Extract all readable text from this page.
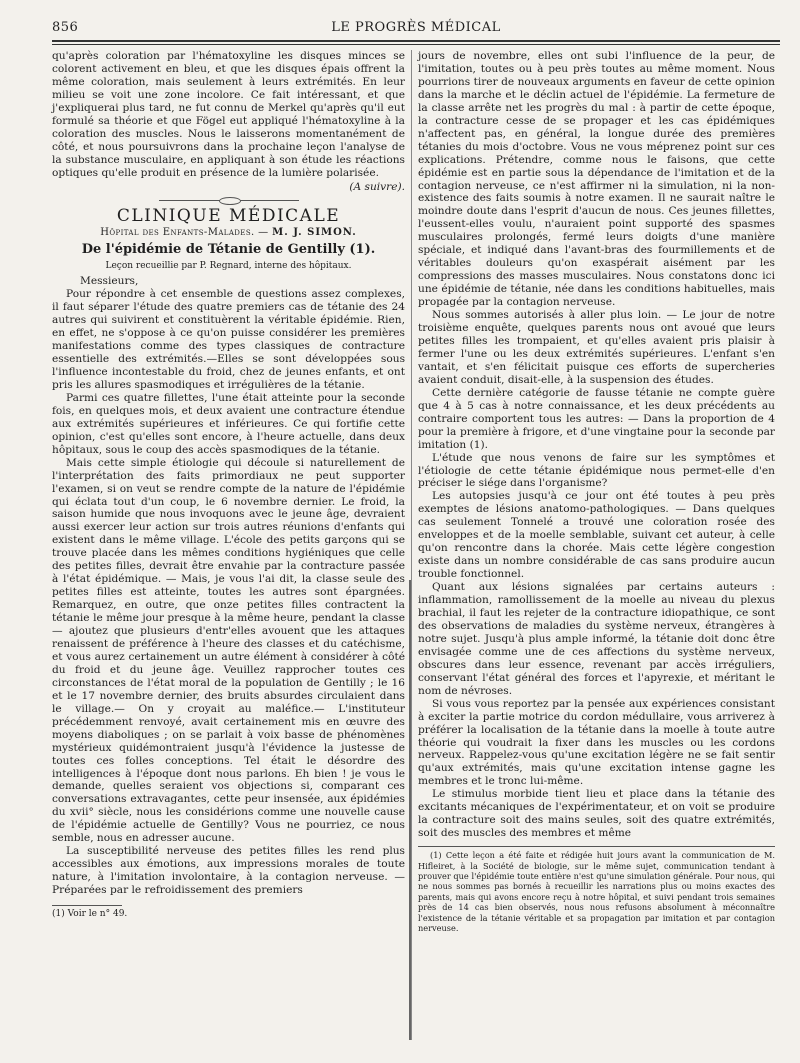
856	LE PROGRÈS MÉDICAL

qu'après coloration par l'hématoxyline les disques minces se colorent activement en bleu, et que les disques épais offrent la même coloration, mais seulement à leurs extrémités. En leur milieu se voit une zone incolore. Ce fait intéressant, et que j'expliquerai plus tard, ne fut connu de Merkel qu'après qu'il eut formulé sa théorie et que Fögel eut appliqué l'hématoxyline à la coloration des muscles. Nous le laisserons momentanément de côté, et nous poursuivrons dans la prochaine leçon l'analyse de la substance musculaire, en appliquant à son étude les réactions optiques qu'elle produit en présence de la lumière polarisée.

(A suivre).
CLINIQUE MÉDICALE
Hôpital des Enfants-Malades. — M. J. SIMON.
De l'épidémie de Tétanie de Gentilly (1).
Leçon recueillie par P. Regnard, interne des hôpitaux.

Messieurs,

Pour répondre à cet ensemble de questions assez complexes, il faut séparer l'étude des quatre premiers cas de tétanie des 24 autres qui suivirent et constituèrent la véritable épidémie. Rien, en effet, ne s'oppose à ce qu'on puisse considérer les premières manifestations comme des types classiques de contracture essentielle des extrémités.—Elles se sont développées sous l'influence incontestable du froid, chez de jeunes enfants, et ont pris les allures spasmodiques et irrégulières de la tétanie.

Parmi ces quatre fillettes, l'une était atteinte pour la seconde fois, en quelques mois, et deux avaient une contracture étendue aux extrémités supérieures et inférieures. Ce qui fortifie cette opinion, c'est qu'elles sont encore, à l'heure actuelle, dans deux hôpitaux, sous le coup des accès spasmodiques de la tétanie.

Mais cette simple étiologie qui découle si naturellement de l'interprétation des faits primordiaux ne peut supporter l'examen, si on veut se rendre compte de la nature de l'épidémie qui éclata tout d'un coup, le 6 novembre dernier. Le froid, la saison humide que nous invoquons avec le jeune âge, devraient aussi exercer leur action sur trois autres réunions d'enfants qui existent dans le même village. L'école des petits garçons qui se trouve placée dans les mêmes conditions hygiéniques que celle des petites filles, devrait être envahie par la contracture passée à l'état épidémique. — Mais, je vous l'ai dit, la classe seule des petites filles est atteinte, toutes les autres sont épargnées. Remarquez, en outre, que onze petites filles contractent la tétanie le même jour presque à la même heure, pendant la classe — ajoutez que plusieurs d'entr'elles avouent que les attaques renaissent de préférence à l'heure des classes et du catéchisme, et vous aurez certainement un autre élément à considérer à côté du froid et du jeune âge. Veuillez rapprocher toutes ces circonstances de l'état moral de la population de Gentilly ; le 16 et le 17 novembre dernier, des bruits absurdes circulaient dans le village.— On y croyait au maléfice.— L'instituteur précédemment renvoyé, avait certainement mis en œuvre des moyens diaboliques ; on se parlait à voix basse de phénomènes mystérieux quidémontraient jusqu'à l'évidence la justesse de toutes ces folles conceptions. Tel était le désordre des intelligences à l'époque dont nous parlons. Eh bien ! je vous le demande, quelles seraient vos objections si, comparant ces conversations extravagantes, cette peur insensée, aux épidémies du xvii° siècle, nous les considérions comme une nouvelle cause de l'épidémie actuelle de Gentilly? Vous ne pourriez, ce nous semble, nous en adresser aucune.

La susceptibilité nerveuse des petites filles les rend plus accessibles aux émotions, aux impressions morales de toute nature, à l'imitation involontaire, à la contagion nerveuse. — Préparées par le refroidissement des premiers

(1) Voir le n° 49.

jours de novembre, elles ont subi l'influence de la peur, de l'imitation, toutes ou à peu près toutes au même moment. Nous pourrions tirer de nouveaux arguments en faveur de cette opinion dans la marche et le déclin actuel de l'épidémie. La fermeture de la classe arrête net les progrès du mal : à partir de cette époque, la contracture cesse de se propager et les cas épidémiques n'affectent pas, en général, la longue durée des premières tétanies du mois d'octobre. Vous ne vous méprenez point sur ces explications. Prétendre, comme nous le faisons, que cette épidémie est en partie sous la dépendance de l'imitation et de la contagion nerveuse, ce n'est affirmer ni la simulation, ni la non-existence des faits soumis à notre examen. Il ne saurait naître le moindre doute dans l'esprit d'aucun de nous. Ces jeunes fillettes, l'eussent-elles voulu, n'auraient point supporté des spasmes musculaires prolongés, fermé leurs doigts d'une manière spéciale, et indiqué dans l'avant-bras des fourmillements et de véritables douleurs qu'on exaspérait aisément par les compressions des masses musculaires. Nous constatons donc ici une épidémie de tétanie, née dans les conditions habituelles, mais propagée par la contagion nerveuse.

Nous sommes autorisés à aller plus loin. — Le jour de notre troisième enquête, quelques parents nous ont avoué que leurs petites filles les trompaient, et qu'elles avaient pris plaisir à fermer l'une ou les deux extrémités supérieures. L'enfant s'en vantait, et s'en félicitait puisque ces efforts de supercheries avaient conduit, disait-elle, à la suspension des études.

Cette dernière catégorie de fausse tétanie ne compte guère que 4 à 5 cas à notre connaissance, et les deux précédents au contraire comportent tous les autres: — Dans la proportion de 4 pour la première à frigore, et d'une vingtaine pour la seconde par imitation (1).

L'étude que nous venons de faire sur les symptômes et l'étiologie de cette tétanie épidémique nous permet-elle d'en préciser le siége dans l'organisme?

Les autopsies jusqu'à ce jour ont été toutes à peu près exemptes de lésions anatomo-pathologiques. — Dans quelques cas seulement Tonnelé a trouvé une coloration rosée des enveloppes et de la moelle semblable, suivant cet auteur, à celle qu'on rencontre dans la chorée. Mais cette légère congestion existe dans un nombre considérable de cas sans produire aucun trouble fonctionnel.

Quant aux lésions signalées par certains auteurs : inflammation, ramollissement de la moelle au niveau du plexus brachial, il faut les rejeter de la contracture idiopathique, ce sont des observations de maladies du système nerveux, étrangères à notre sujet. Jusqu'à plus ample informé, la tétanie doit donc être envisagée comme une de ces affections du système nerveux, obscures dans leur essence, revenant par accès irréguliers, conservant l'état général des forces et l'apyrexie, et méritant le nom de névroses.

Si vous vous reportez par la pensée aux expériences consistant à exciter la partie motrice du cordon médullaire, vous arriverez à préférer la localisation de la tétanie dans la moelle à toute autre théorie qui voudrait la fixer dans les muscles ou les cordons nerveux. Rappelez-vous qu'une excitation légère ne se fait sentir qu'aux extrémités, mais qu'une excitation intense gagne les membres et le tronc lui-même.

Le stimulus morbide tient lieu et place dans la tétanie des excitants mécaniques de l'expérimentateur, et on voit se produire la contracture soit des mains seules, soit des quatre extrémités, soit des muscles des membres et même

(1) Cette leçon a été faite et rédigée huit jours avant la communication de M. Hifleiret, à la Société de biologie, sur le même sujet, communication tendant à prouver que l'épidémie toute entière n'est qu'une simulation générale. Pour nous, qui ne nous sommes pas bornés à recueillir les narrations plus ou moins exactes des parents, mais qui avons encore reçu à notre hôpital, et suivi pendant trois semaines près de 14 cas bien observés, nous nous refusons absolument à méconnaître l'existence de la tétanie véritable et sa propagation par imitation et par contagion nerveuse.
